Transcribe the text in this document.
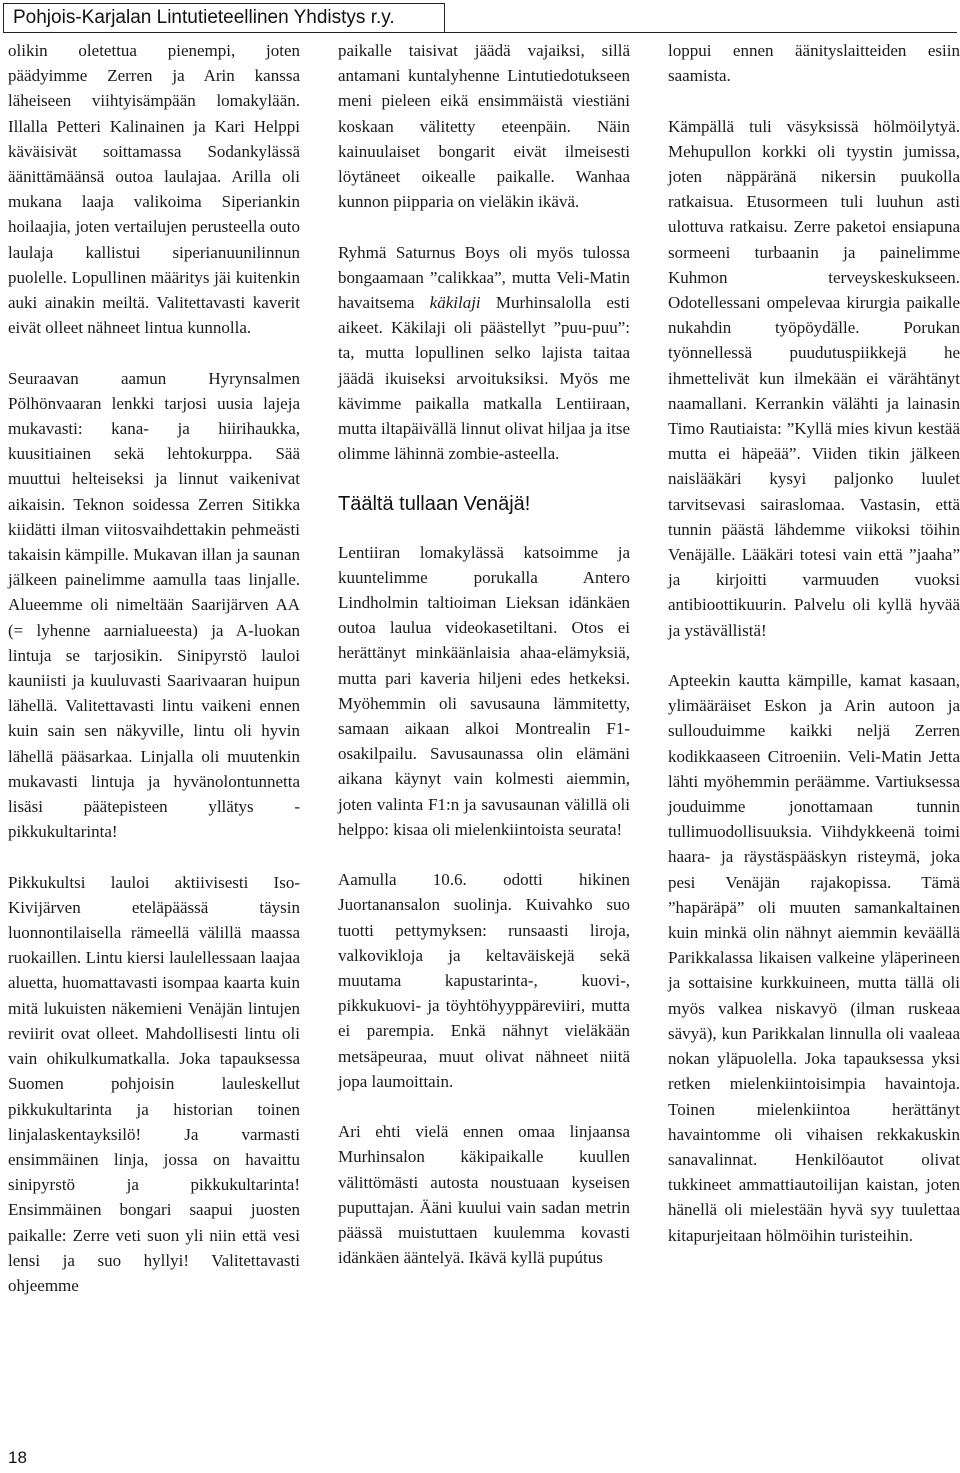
Pohjois-Karjalan Lintutieteellinen Yhdistys r.y.

olikin oletettua pienempi, joten päädyimme Zerren ja Arin kanssa läheiseen viihtyisämpään lomakylään. Illalla Petteri Kalinainen ja Kari Helppi käväisivät soittamassa Sodankylässä äänittämäänsä outoa laulajaa. Arilla oli mukana laaja valikoima Siperiankin hoilaajia, joten vertailujen perusteella outo laulaja kallistui siperianuunilinnun puolelle. Lopullinen määritys jäi kuitenkin auki ainakin meiltä. Valitettavasti kaverit eivät olleet nähneet lintua kunnolla.

Seuraavan aamun Hyrynsalmen Pölhönvaaran lenkki tarjosi uusia lajeja mukavasti: kana- ja hiirihaukka, kuusitiainen sekä lehtokurppa. Sää muuttui helteiseksi ja linnut vaikenivat aikaisin. Teknon soidessa Zerren Sitikka kiidätti ilman viitosvaihdettakin pehmeästi takaisin kämpille. Mukavan illan ja saunan jälkeen painelimme aamulla taas linjalle. Alueemme oli nimeltään Saarijärven AA (= lyhenne aarnialueesta) ja A-luokan lintuja se tarjosikin. Sinipyrstö lauloi kauniisti ja kuuluvasti Saarivaaran huipun lähellä. Valitettavasti lintu vaikeni ennen kuin sain sen näkyville, lintu oli hyvin lähellä pääsarkaa. Linjalla oli muutenkin mukavasti lintuja ja hyvänolontunnetta lisäsi päätepisteen yllätys - pikkukultarinta!

Pikkukultsi lauloi aktiivisesti Iso-Kivijärven eteläpäässä täysin luonnontilaisella rämeellä välillä maassa ruokaillen. Lintu kiersi laulellessaan laajaa aluetta, huomattavasti isompaa kaarta kuin mitä lukuisten näkemieni Venäjän lintujen reviirit ovat olleet. Mahdollisesti lintu oli vain ohikulkumatkalla. Joka tapauksessa Suomen pohjoisin lauleskellut pikkukultarinta ja historian toinen linjalaskentayksilö! Ja varmasti ensimmäinen linja, jossa on havaittu sinipyrstö ja pikkukultarinta! Ensimmäinen bongari saapui juosten paikalle: Zerre veti suon yli niin että vesi lensi ja suo hyllyi! Valitettavasti ohjeemme

paikalle taisivat jäädä vajaiksi, sillä antamani kuntalyhenne Lintutiedotukseen meni pieleen eikä ensimmäistä viestiäni koskaan välitetty eteenpäin. Näin kainuulaiset bongarit eivät ilmeisesti löytäneet oikealle paikalle. Wanhaa kunnon piipparia on vieläkin ikävä.

Ryhmä Saturnus Boys oli myös tulossa bongaamaan ”calikkaa”, mutta Veli-Matin havaitsema käkilaji Murhinsalolla esti aikeet. Käkilaji oli päästellyt ”puu-puu”: ta, mutta lopullinen selko lajista taitaa jäädä ikuiseksi arvoituksiksi. Myös me kävimme paikalla matkalla Lentiiraan, mutta iltapäivällä linnut olivat hiljaa ja itse olimme lähinnä zombie-asteella.

Täältä tullaan Venäjä!

Lentiiran lomakylässä katsoimme ja kuuntelimme porukalla Antero Lindholmin taltioiman Lieksan idänkäen outoa laulua videokasetiltani. Otos ei herättänyt minkäänlaisia ahaa-elämyksiä, mutta pari kaveria hiljeni edes hetkeksi. Myöhemmin oli savusauna lämmitetty, samaan aikaan alkoi Montrealin F1-osakilpailu. Savusaunassa olin elämäni aikana käynyt vain kolmesti aiemmin, joten valinta F1:n ja savusaunan välillä oli helppo: kisaa oli mielenkiintoista seurata!

Aamulla 10.6. odotti hikinen Juortanansalon suolinja. Kuivahko suo tuotti pettymyksen: runsaasti liroja, valkovikloja ja keltaväiskejä sekä muutama kapustarinta-, kuovi-, pikkukuovi- ja töyhtöhyyppäreviiri, mutta ei parempia. Enkä nähnyt vieläkään metsäpeuraa, muut olivat nähneet niitä jopa laumoittain.

Ari ehti vielä ennen omaa linjaansa Murhinsalon käkipaikalle kuullen välittömästi autosta noustuaan kyseisen puputtajan. Ääni kuului vain sadan metrin päässä muistuttaen kuulemma kovasti idänkäen ääntelyä. Ikävä kyllä pupútus

loppui ennen äänityslaitteiden esiin saamista.

Kämpällä tuli väsyksissä hölmöilytyä. Mehupullon korkki oli tyystin jumissa, joten näppäränä nikersin puukolla ratkaisua. Etusormeen tuli luuhun asti ulottuva ratkaisu. Zerre paketoi ensiapuna sormeeni turbaanin ja painelimme Kuhmon terveyskeskukseen. Odotellessani ompelevaa kirurgia paikalle nukahdin työpöydälle. Porukan työnnellessä puudutuspiikkejä he ihmettelivät kun ilmekään ei värähtänyt naamallani. Kerrankin välähti ja lainasin Timo Rautiaista: ”Kyllä mies kivun kestää mutta ei häpeää”. Viiden tikin jälkeen naislääkäri kysyi paljonko luulet tarvitsevasi sairaslomaa. Vastasin, että tunnin päästä lähdemme viikoksi töihin Venäjälle. Lääkäri totesi vain että ”jaaha” ja kirjoitti varmuuden vuoksi antibioottikuurin. Palvelu oli kyllä hyvää ja ystävällistä!

Apteekin kautta kämpille, kamat kasaan, ylimääräiset Eskon ja Arin autoon ja sullouduimme kaikki neljä Zerren kodikkaaseen Citroeniin. Veli-Matin Jetta lähti myöhemmin peräämme. Vartiuksessa jouduimme jonottamaan tunnin tullimuodollisuuksia. Viihdykkeenä toimi haara- ja räystäspääskyn risteymä, joka pesi Venäjän rajakopissa. Tämä ”hapäräpä” oli muuten samankaltainen kuin minkä olin nähnyt aiemmin keväällä Parikkalassa likaisen valkeine yläperineen ja sottaisine kurkkuineen, mutta tällä oli myös valkea niskavyö (ilman ruskeaa sävyä), kun Parikkalan linnulla oli vaaleaa nokan yläpuolella. Joka tapauksessa yksi retken mielenkiintoisimpia havaintoja. Toinen mielenkiintoa herättänyt havaintomme oli vihaisen rekkakuskin sanavalinnat. Henkilöautot olivat tukkineet ammattiautoilijan kaistan, joten hänellä oli mielestään hyvä syy tuulettaa kitapurjeitaan hölmöihin turisteihin.

18
